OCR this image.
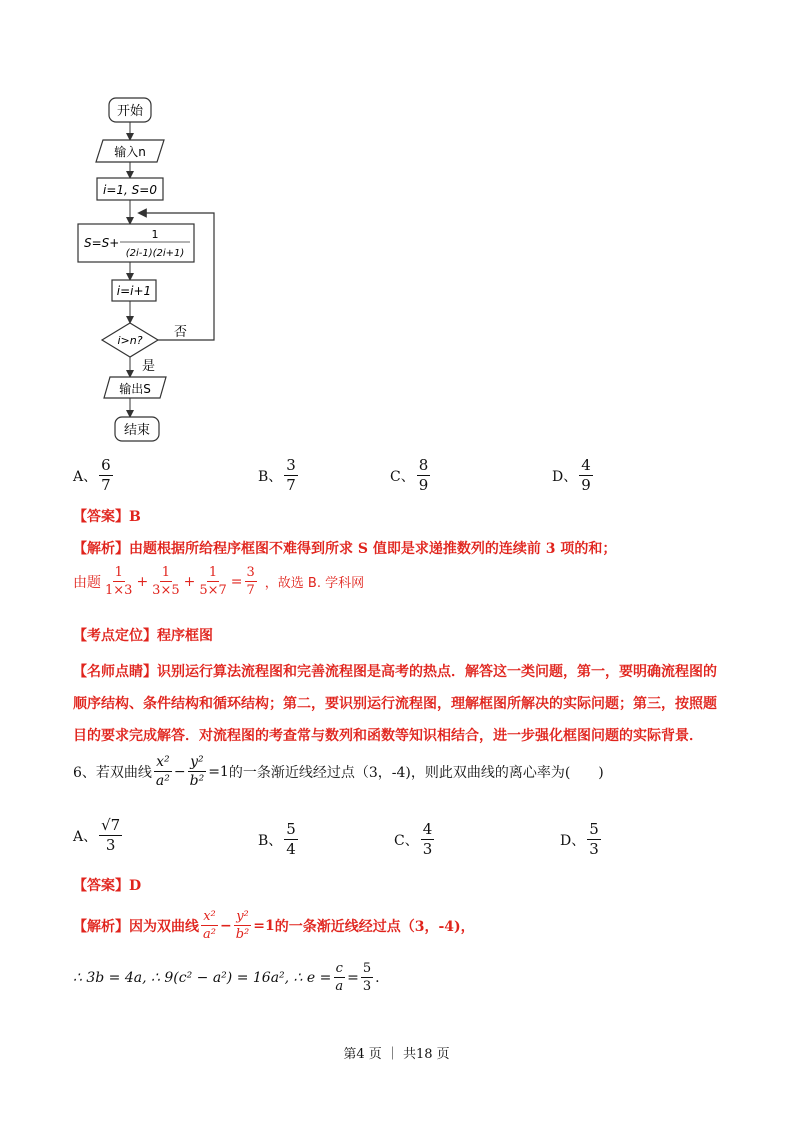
开始
输入n
i=1, S=0
S=S+
1
(2i-1)(2i+1)
i=i+1
i>n?
否
是
输出S
结束
A、 $\frac{6}{7}$	B、 $\frac{3}{7}$	C、 $\frac{8}{9}$	D、 $\frac{4}{9}$
【答案】B
【解析】由题根据所给程序框图不难得到所求 S 值即是求递推数列的连续前 3 项的和；
由题 $\frac{1}{1\times 3} + \frac{1}{3\times 5} + \frac{1}{5\times 7} = \frac{3}{7}$ ，故选 B. 学科网
【考点定位】程序框图
【名师点睛】识别运行算法流程图和完善流程图是高考的热点．解答这一类问题，第一，要明确流程图的
顺序结构、条件结构和循环结构；第二，要识别运行流程图，理解框图所解决的实际问题；第三，按照题
目的要求完成解答．对流程图的考查常与数列和函数等知识相结合，进一步强化框图问题的实际背景．
6、若双曲线 $\frac{\text{x²}}{\text{a²}} - \frac{\text{y²}}{\text{b²}} =1$ 的一条渐近线经过点（3，-4)，则此双曲线的离心率为(　　)
A、 $\frac{√7}{3}$	B、 $\frac{5}{4}$	C、 $\frac{4}{3}$	D、 $\frac{5}{3}$
【答案】D
【解析】 因为双曲线 $\frac{\text{x²}}{\text{a²}} - \frac{\text{y²}}{\text{b²}} =1$ 的一条渐近线经过点（3，-4)，
∴ 3b = 4a, ∴ 9(c² − a²) = 16a², ∴ $e = \frac{c}{a} = \frac{5}{3}$ .
第4 页 ｜ 共18 页
